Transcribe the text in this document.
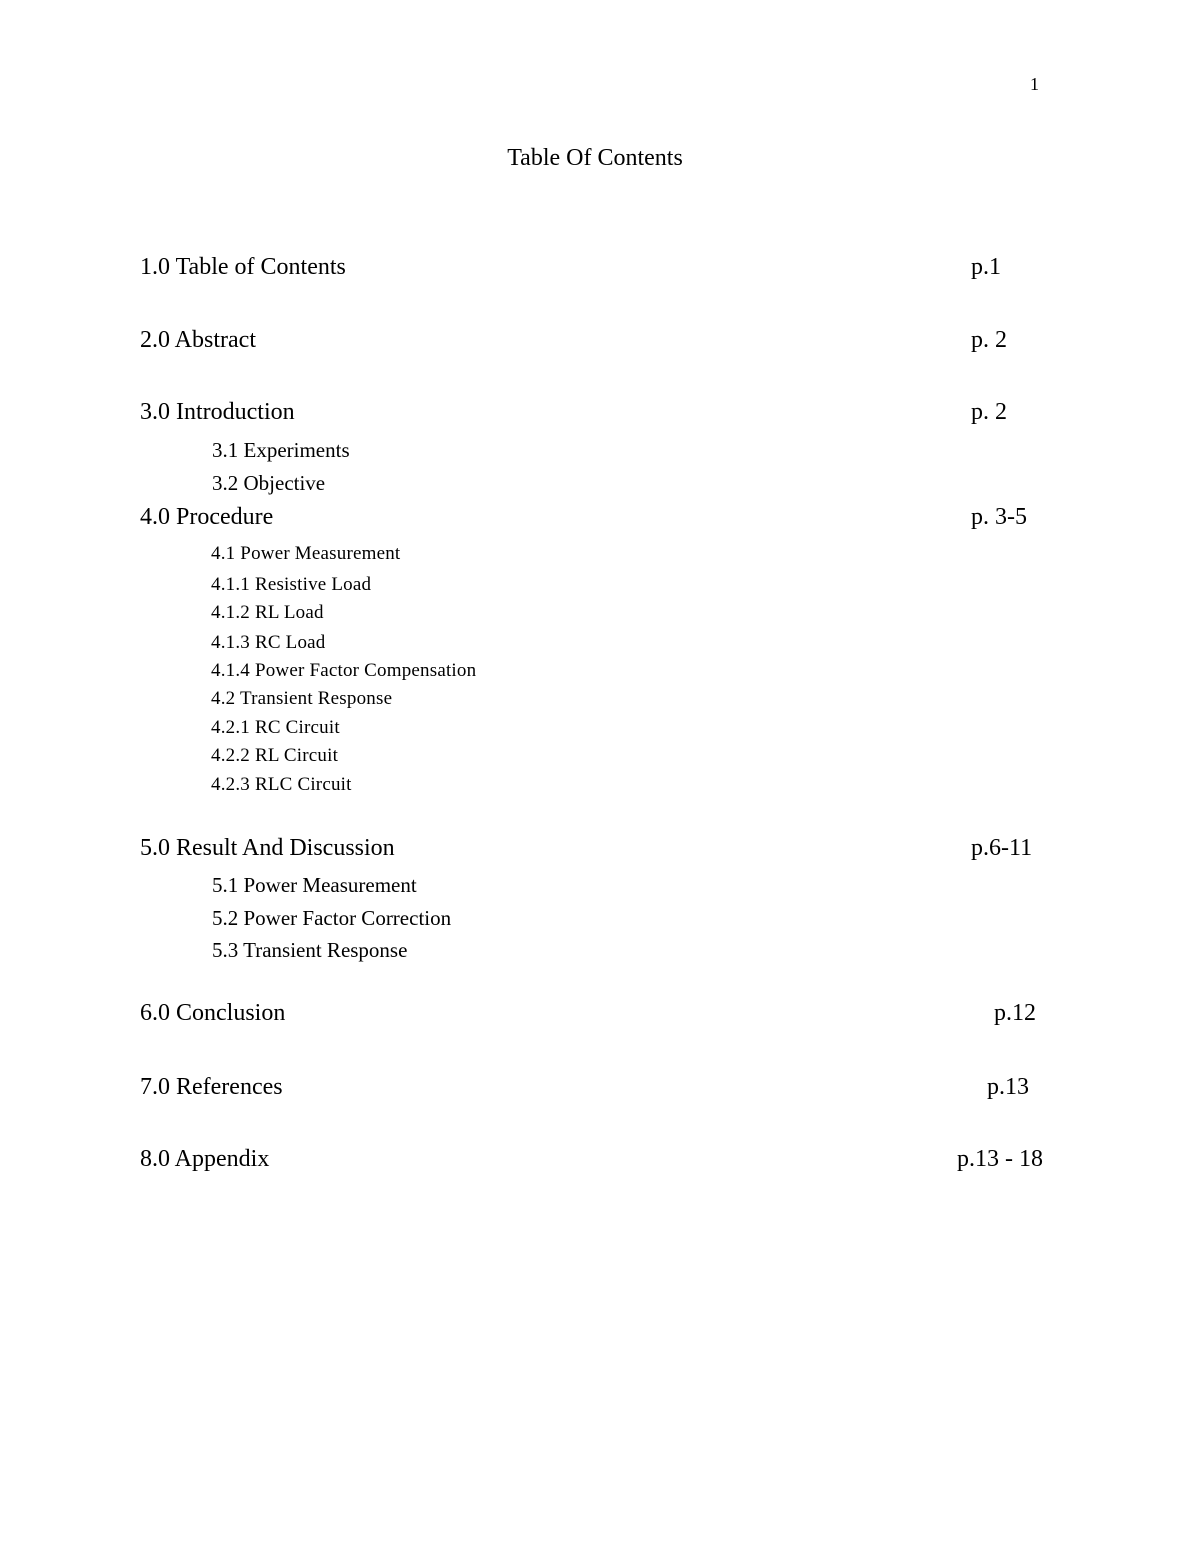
1
Table Of Contents
1.0 Table of Contents	p.1
2.0 Abstract	p. 2
3.0 Introduction	p. 2
3.1 Experiments
3.2 Objective
4.0 Procedure	p. 3-5
4.1 Power Measurement
4.1.1 Resistive Load
4.1.2 RL Load
4.1.3 RC Load
4.1.4 Power Factor Compensation
4.2 Transient Response
4.2.1 RC Circuit
4.2.2 RL Circuit
4.2.3 RLC Circuit
5.0 Result And Discussion	p.6-11
5.1 Power Measurement
5.2 Power Factor Correction
5.3 Transient Response
6.0 Conclusion	p.12
7.0 References	p.13
8.0 Appendix	p.13 - 18
